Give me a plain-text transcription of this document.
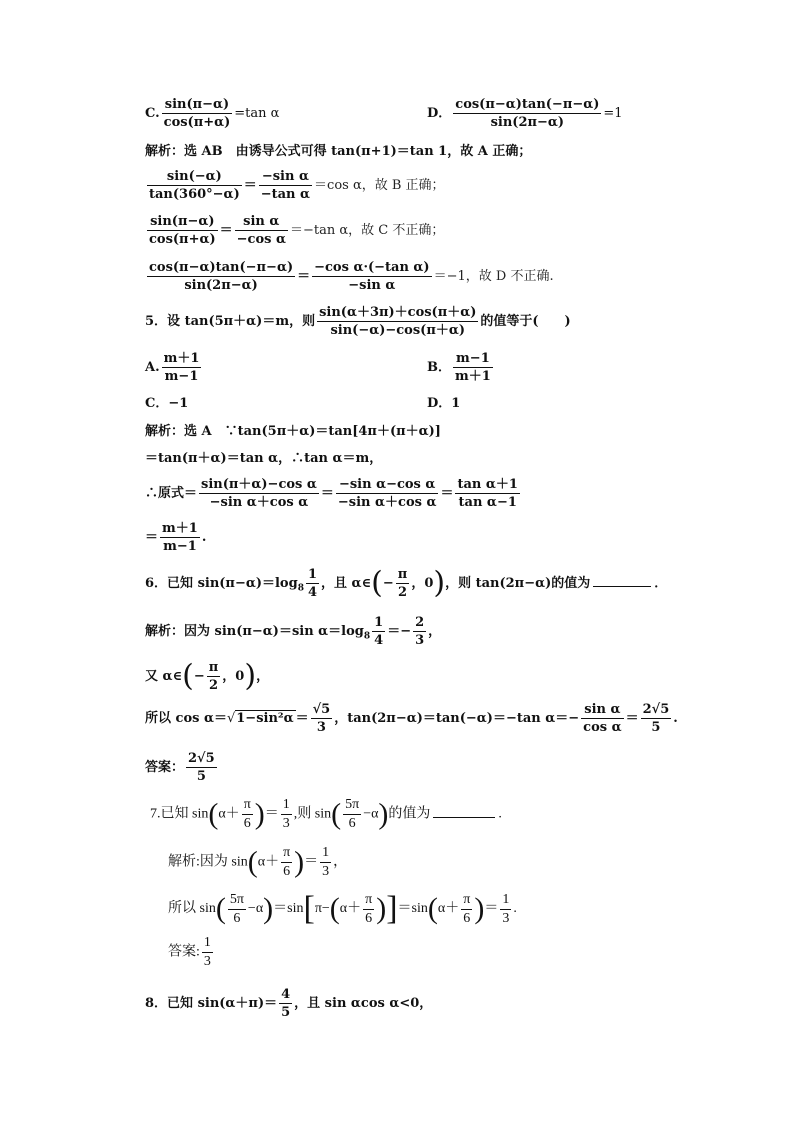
C. $\frac{\sin(\pi-\alpha)}{\cos(\pi+\alpha)} =\tan$ α	D． $\frac{\cos(\pi-\alpha)\tan(-\pi-\alpha)}{\sin(2\pi-\alpha)} =1$
解析：选 AB　由诱导公式可得 tan(π+1)＝tan 1，故 A 正确；
$\frac{\sin(-\alpha)}{\tan(360^\circ-\alpha)} = \frac{\text{−sin α}}{\text{−tan α}} =\cos$ α，故 B 正确；
$\frac{\sin(\pi-\alpha)}{\cos(\pi+\alpha)} = \frac{\text{sin α}}{\text{−cos α}} =-\tan$ α，故 C 不正确；
$\frac{\cos(\pi-\alpha)\tan(-\pi-\alpha)}{\sin(2\pi-\alpha)} = \frac{\text{−cos α·(−tan α)}}{\text{−sin α}} =-1$，故 D 不正确.
5．设 tan(5π＋α)＝m，则 $\frac{\sin(\alpha+3\pi)+\cos(\pi+\alpha)}{\sin(-\alpha)-\cos(\pi+\alpha)}$ 的值等于(　　)
A. $\frac{m+1}{m-1}$	B． $\frac{m-1}{m+1}$
C．−1	D．1
解析：选 A　∵tan(5π＋α)＝tan[4π＋(π＋α)]
＝tan(π＋α)＝tan α，∴tan α＝m，
∴原式＝ $\frac{\text{sin(π＋α)−cos α}}{\text{−sin α＋cos α}} = \frac{\text{−sin α−cos α}}{\text{−sin α＋cos α}} = \frac{\text{tan α＋1}}{\text{tan α−1}}$
＝ $\frac{m+1}{m-1}$ .
6．已知 $\sin(\pi-\alpha)=\log_8 \frac{1}{4}$ ，且 α∈(− $\frac{\pi}{2}$ ，0)，则 tan(2π−α)的值为	．
解析：因为 sin(π−α)＝sin $\alpha=\log_8 \frac{1}{4} =- \frac{2}{3}$ ，
又 α∈(− $\frac{\pi}{2}$ ，0)，
所以 $\cos \alpha=√1-\sin^2\alpha = \frac{√5}{3}$ ，tan(2π−α)＝tan(−α)＝−tan $\alpha=- \frac{\text{sin α}}{\text{cos α}} = \frac{2√5}{5}$ .
答案： $\frac{2√5}{5}$
7.已知 $\sin(\alpha+ \frac{\pi}{6}$ )＝ $\frac{1}{3}$ ,则 $\sin( \frac{5\pi}{6} -\alpha)$的值为	.
解析:因为 $\sin(\alpha+ \frac{\pi}{6}$ )＝ $\frac{1}{3}$ ，
所以 $\sin( \frac{5\pi}{6} -\alpha)=\sin[\pi-(\alpha+ \frac{\pi}{6} )]=\sin(\alpha+ \frac{\pi}{6}$ )＝ $\frac{1}{3}$ .
答案: $\frac{1}{3}$
8．已知 $\sin(\alpha+\pi)= \frac{4}{5}$ ，且 sin αcos α<0，
